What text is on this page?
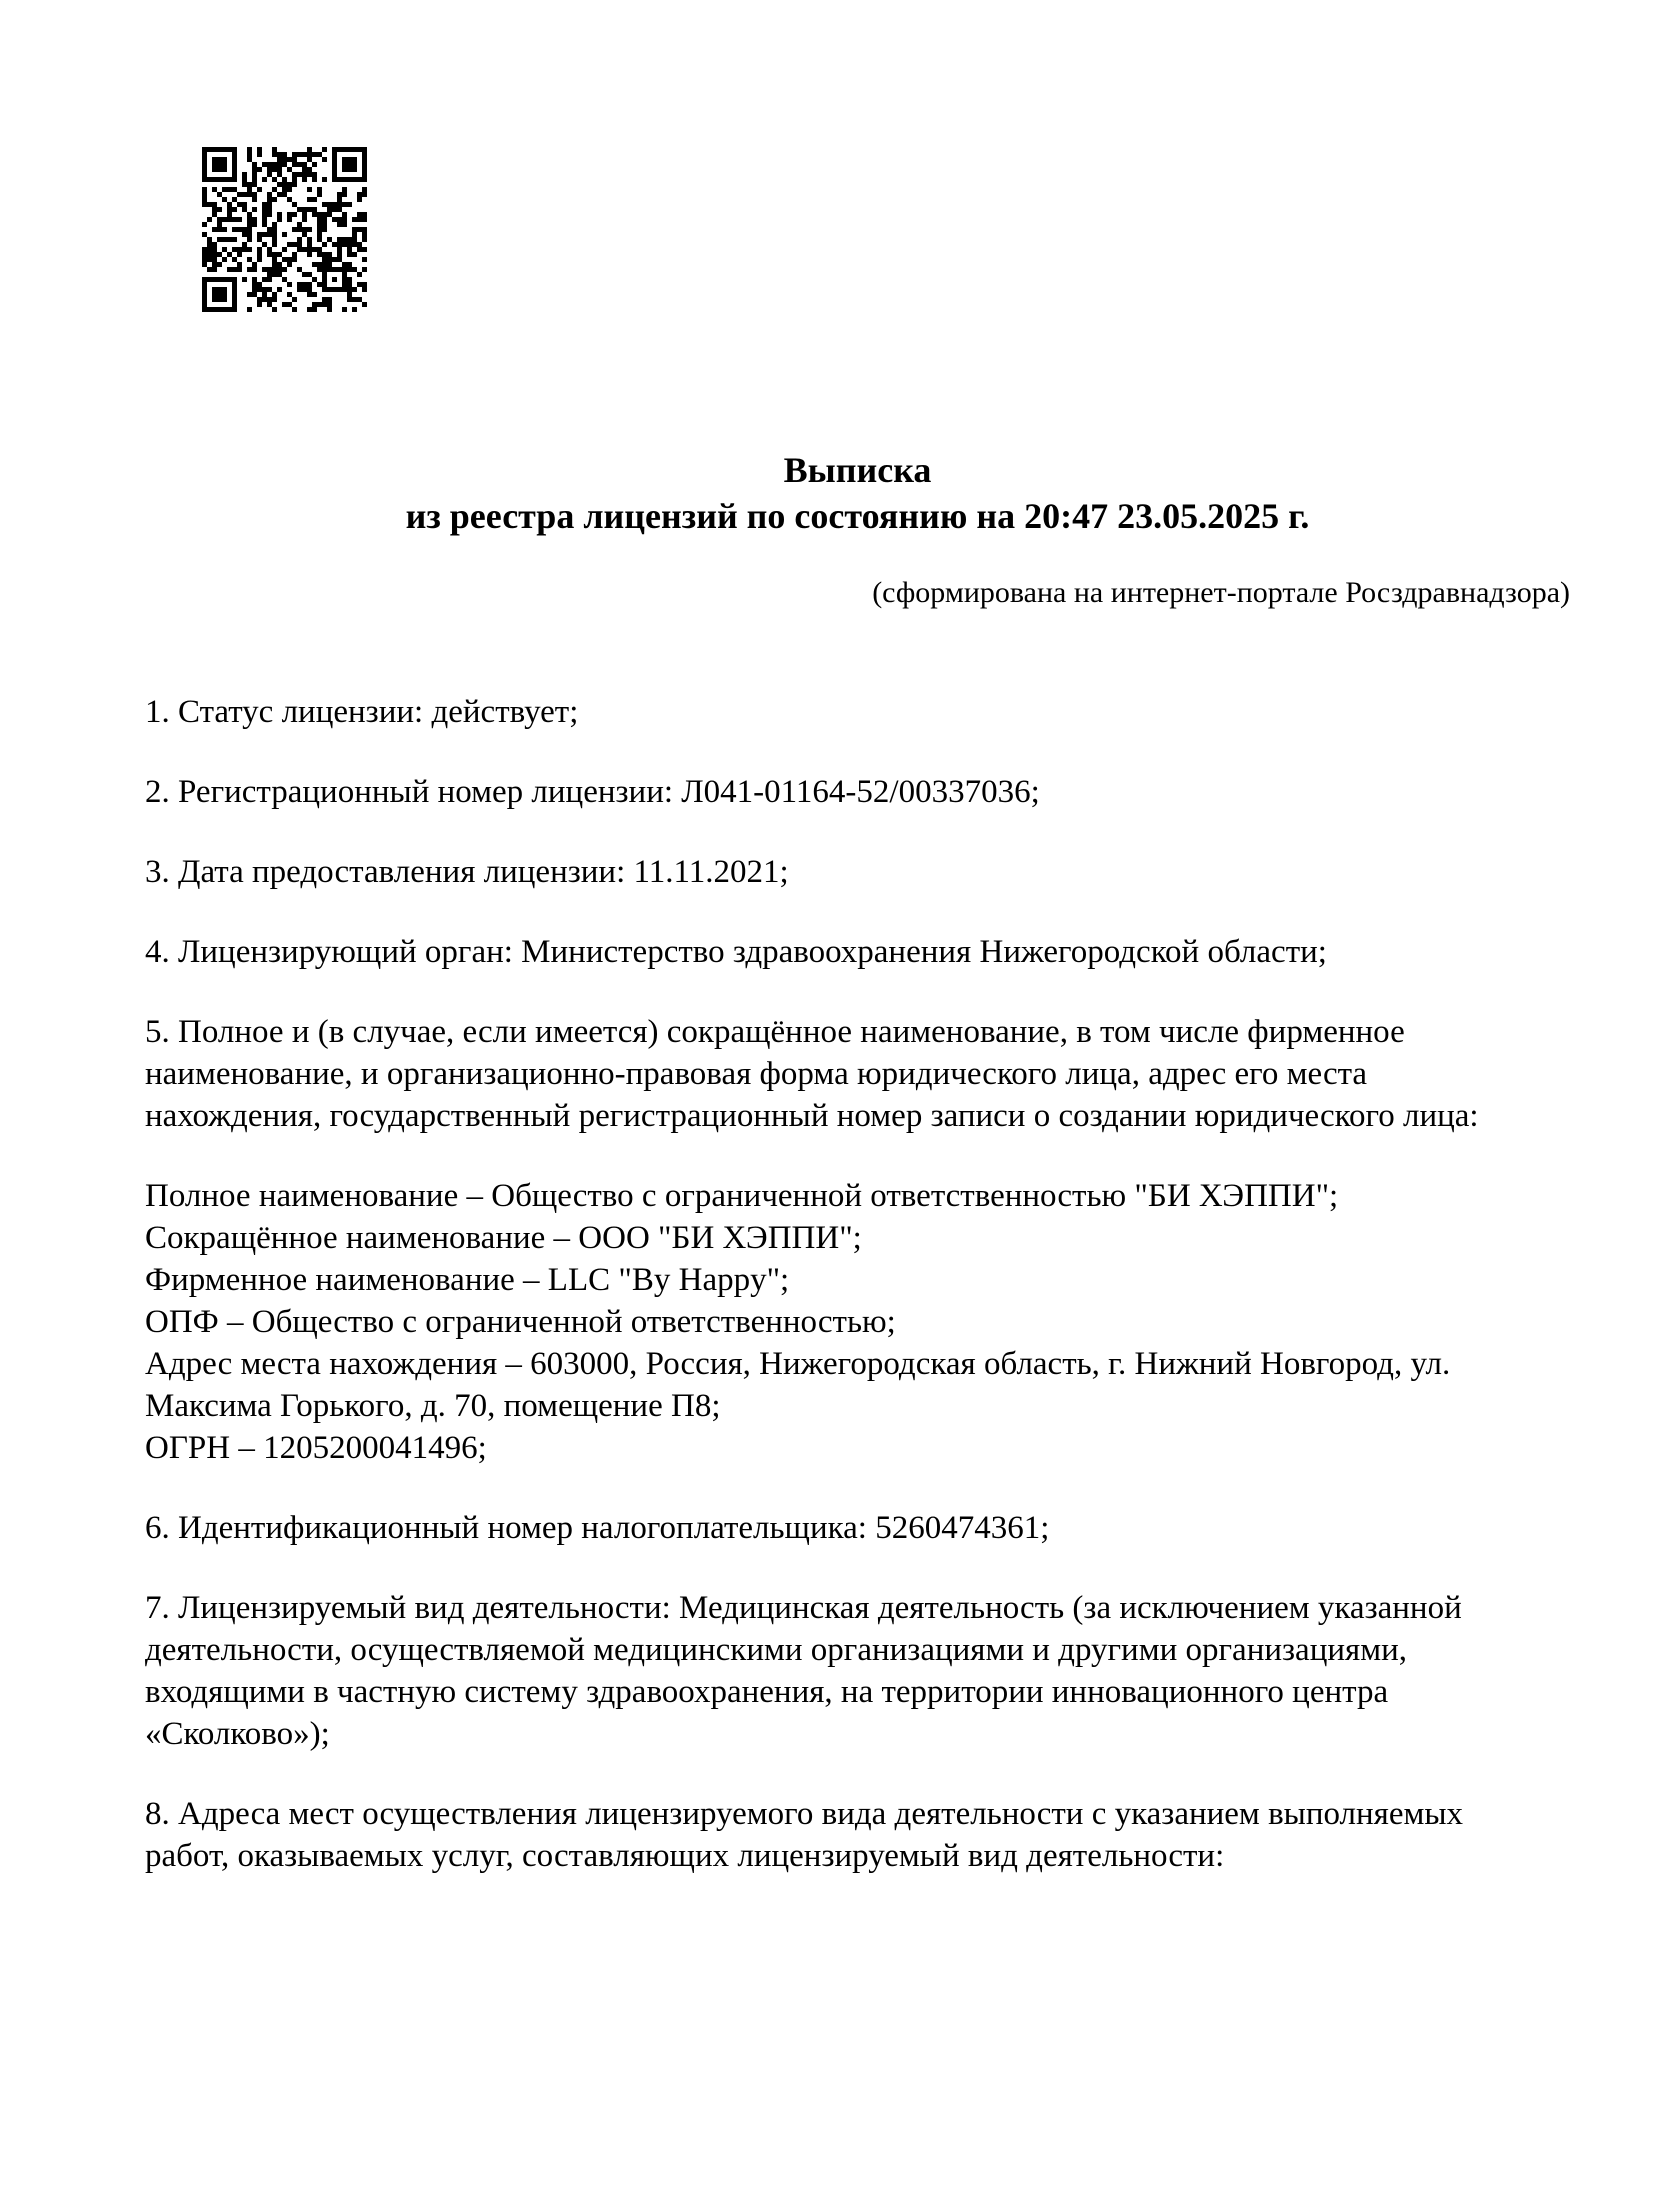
Выписка
из реестра лицензий по состоянию на 20:47 23.05.2025 г.
(сформирована на интернет-портале Росздравнадзора)
1. Статус лицензии: действует;
2. Регистрационный номер лицензии: Л041-01164-52/00337036;
3. Дата предоставления лицензии: 11.11.2021;
4. Лицензирующий орган: Министерство здравоохранения Нижегородской области;
5. Полное и (в случае, если имеется) сокращённое наименование, в том числе фирменное
наименование, и организационно-правовая форма юридического лица, адрес его места
нахождения, государственный регистрационный номер записи о создании юридического лица:
Полное наименование – Общество с ограниченной ответственностью "БИ ХЭППИ";
Сокращённое наименование – ООО "БИ ХЭППИ";
Фирменное наименование – LLC "By Happy";
ОПФ – Общество с ограниченной ответственностью;
Адрес места нахождения – 603000, Россия, Нижегородская область, г. Нижний Новгород, ул.
Максима Горького, д. 70, помещение П8;
ОГРН – 1205200041496;
6. Идентификационный номер налогоплательщика: 5260474361;
7. Лицензируемый вид деятельности: Медицинская деятельность (за исключением указанной
деятельности, осуществляемой медицинскими организациями и другими организациями,
входящими в частную систему здравоохранения, на территории инновационного центра
«Сколково»);
8. Адреса мест осуществления лицензируемого вида деятельности с указанием выполняемых
работ, оказываемых услуг, составляющих лицензируемый вид деятельности:
